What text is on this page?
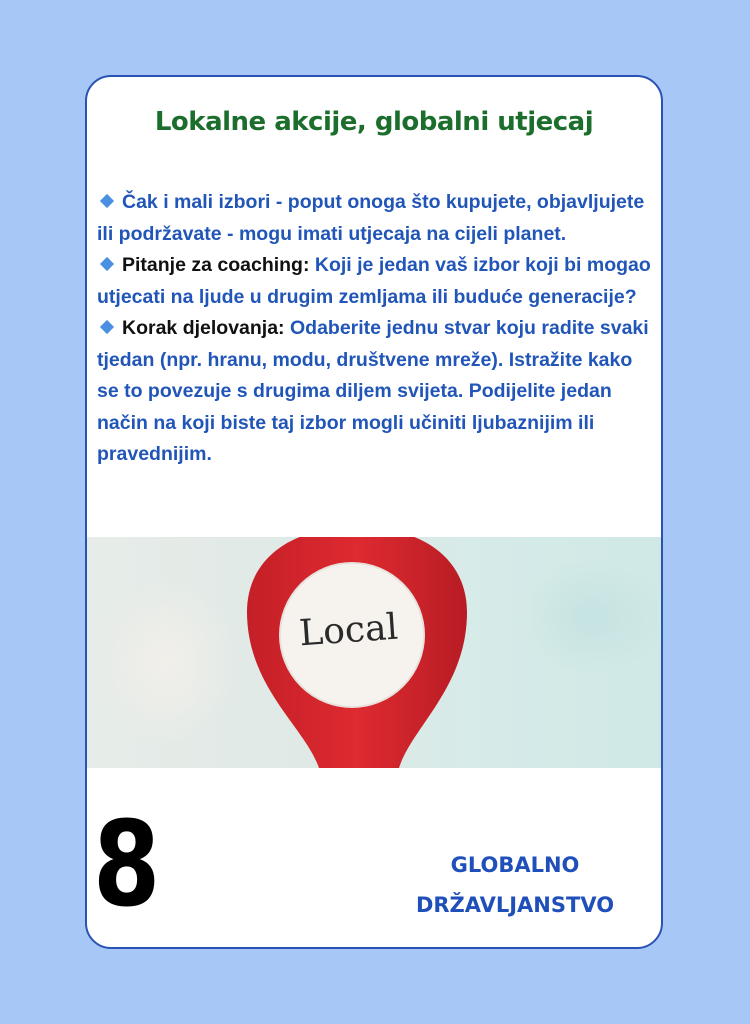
Lokalne akcije, globalni utjecaj

Čak i mali izbori - poput onoga što kupujete, objavljujete ili podržavate - mogu imati utjecaja na cijeli planet.

Pitanje za coaching: Koji je jedan vaš izbor koji bi mogao utjecati na ljude u drugim zemljama ili buduće generacije?

Korak djelovanja: Odaberite jednu stvar koju radite svaki tjedan (npr. hranu, modu, društvene mreže). Istražite kako se to povezuje s drugima diljem svijeta. Podijelite jedan način na koji biste taj izbor mogli učiniti ljubaznijim ili pravednijim.

Local
8	GLOBALNO
DRŽAVLJANSTVO
